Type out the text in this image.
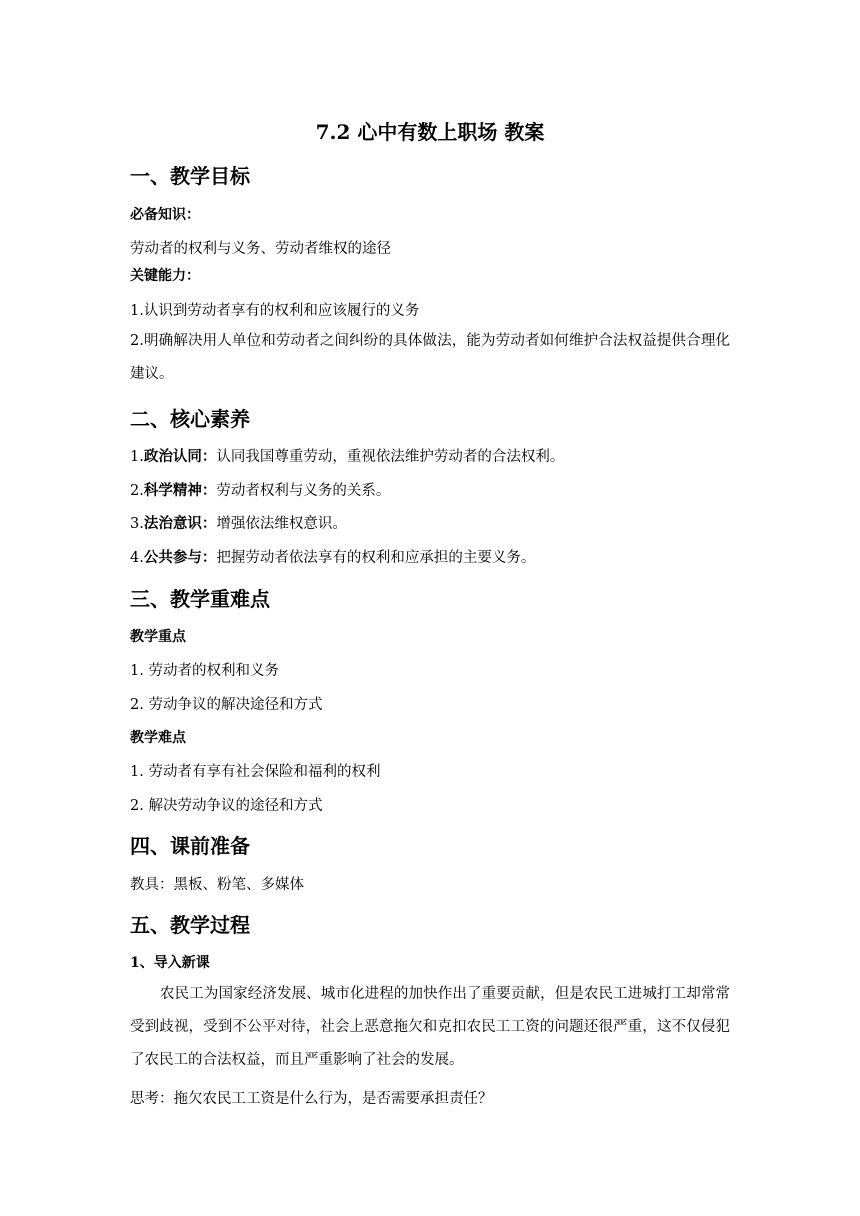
7.2 心中有数上职场 教案
一、教学目标
必备知识：
劳动者的权利与义务、劳动者维权的途径
关键能力：
1.认识到劳动者享有的权利和应该履行的义务
2.明确解决用人单位和劳动者之间纠纷的具体做法，能为劳动者如何维护合法权益提供合理化建议。
二、核心素养
1.政治认同：认同我国尊重劳动，重视依法维护劳动者的合法权利。
2.科学精神：劳动者权利与义务的关系。
3.法治意识：增强依法维权意识。
4.公共参与：把握劳动者依法享有的权利和应承担的主要义务。
三、教学重难点
教学重点
1. 劳动者的权利和义务
2. 劳动争议的解决途径和方式
教学难点
1. 劳动者有享有社会保险和福利的权利
2. 解决劳动争议的途径和方式
四、课前准备
教具：黑板、粉笔、多媒体
五、教学过程
1、导入新课
农民工为国家经济发展、城市化进程的加快作出了重要贡献，但是农民工进城打工却常常受到歧视，受到不公平对待，社会上恶意拖欠和克扣农民工工资的问题还很严重，这不仅侵犯了农民工的合法权益，而且严重影响了社会的发展。
思考：拖欠农民工工资是什么行为，是否需要承担责任？
